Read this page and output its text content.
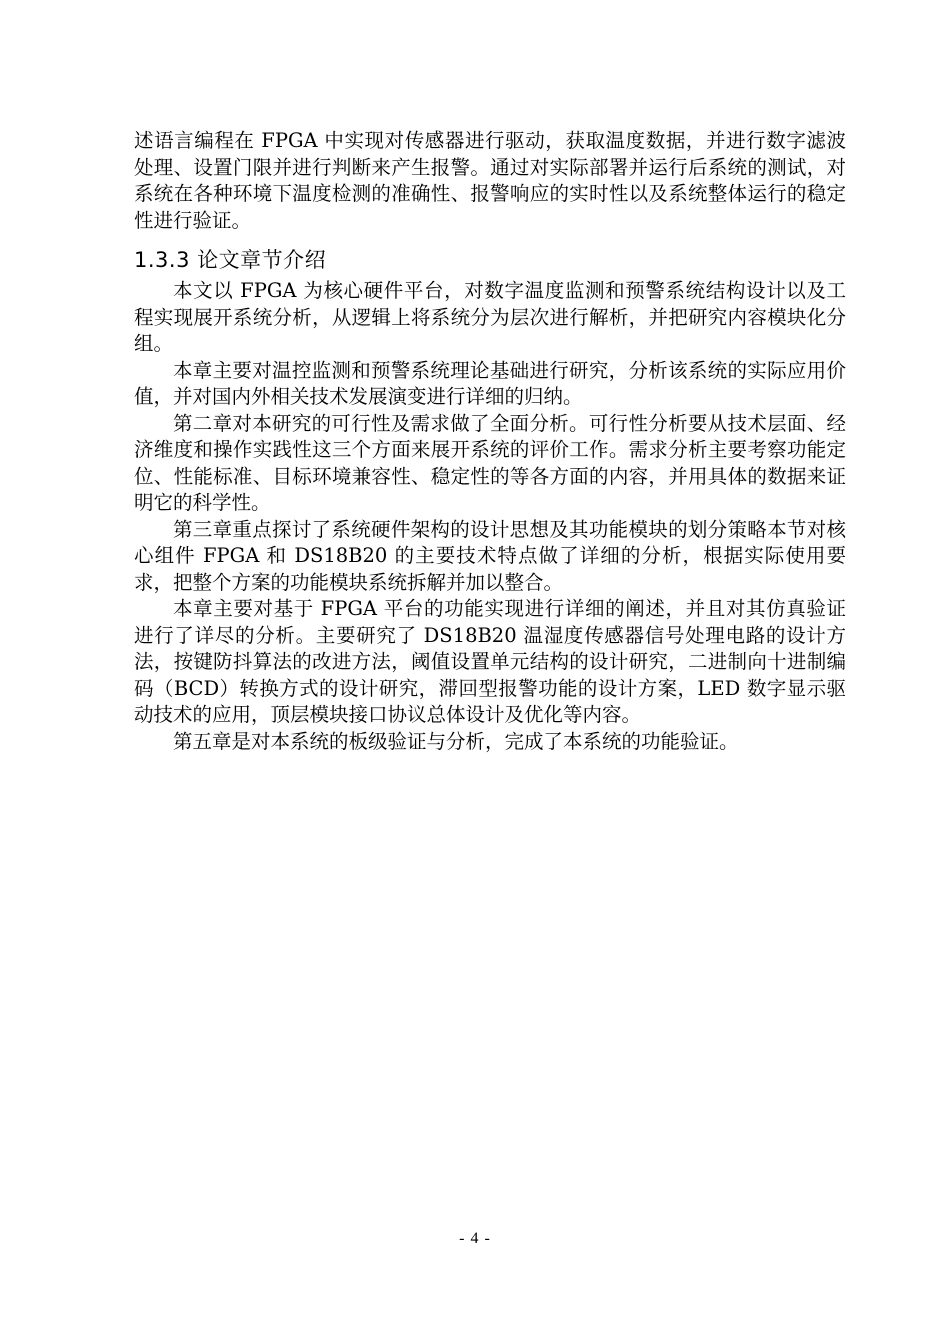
述语言编程在 FPGA 中实现对传感器进行驱动，获取温度数据，并进行数字滤波处理、设置门限并进行判断来产生报警。通过对实际部署并运行后系统的测试，对系统在各种环境下温度检测的准确性、报警响应的实时性以及系统整体运行的稳定性进行验证。

1.3.3 论文章节介绍

本文以 FPGA 为核心硬件平台，对数字温度监测和预警系统结构设计以及工程实现展开系统分析，从逻辑上将系统分为层次进行解析，并把研究内容模块化分组。

本章主要对温控监测和预警系统理论基础进行研究，分析该系统的实际应用价值，并对国内外相关技术发展演变进行详细的归纳。

第二章对本研究的可行性及需求做了全面分析。可行性分析要从技术层面、经济维度和操作实践性这三个方面来展开系统的评价工作。需求分析主要考察功能定位、性能标准、目标环境兼容性、稳定性的等各方面的内容，并用具体的数据来证明它的科学性。

第三章重点探讨了系统硬件架构的设计思想及其功能模块的划分策略本节对核心组件 FPGA 和 DS18B20 的主要技术特点做了详细的分析，根据实际使用要求，把整个方案的功能模块系统拆解并加以整合。

本章主要对基于 FPGA 平台的功能实现进行详细的阐述，并且对其仿真验证进行了详尽的分析。主要研究了 DS18B20 温湿度传感器信号处理电路的设计方法，按键防抖算法的改进方法，阈值设置单元结构的设计研究，二进制向十进制编码（BCD）转换方式的设计研究，滞回型报警功能的设计方案，LED 数字显示驱动技术的应用，顶层模块接口协议总体设计及优化等内容。

第五章是对本系统的板级验证与分析，完成了本系统的功能验证。

- 4 -
